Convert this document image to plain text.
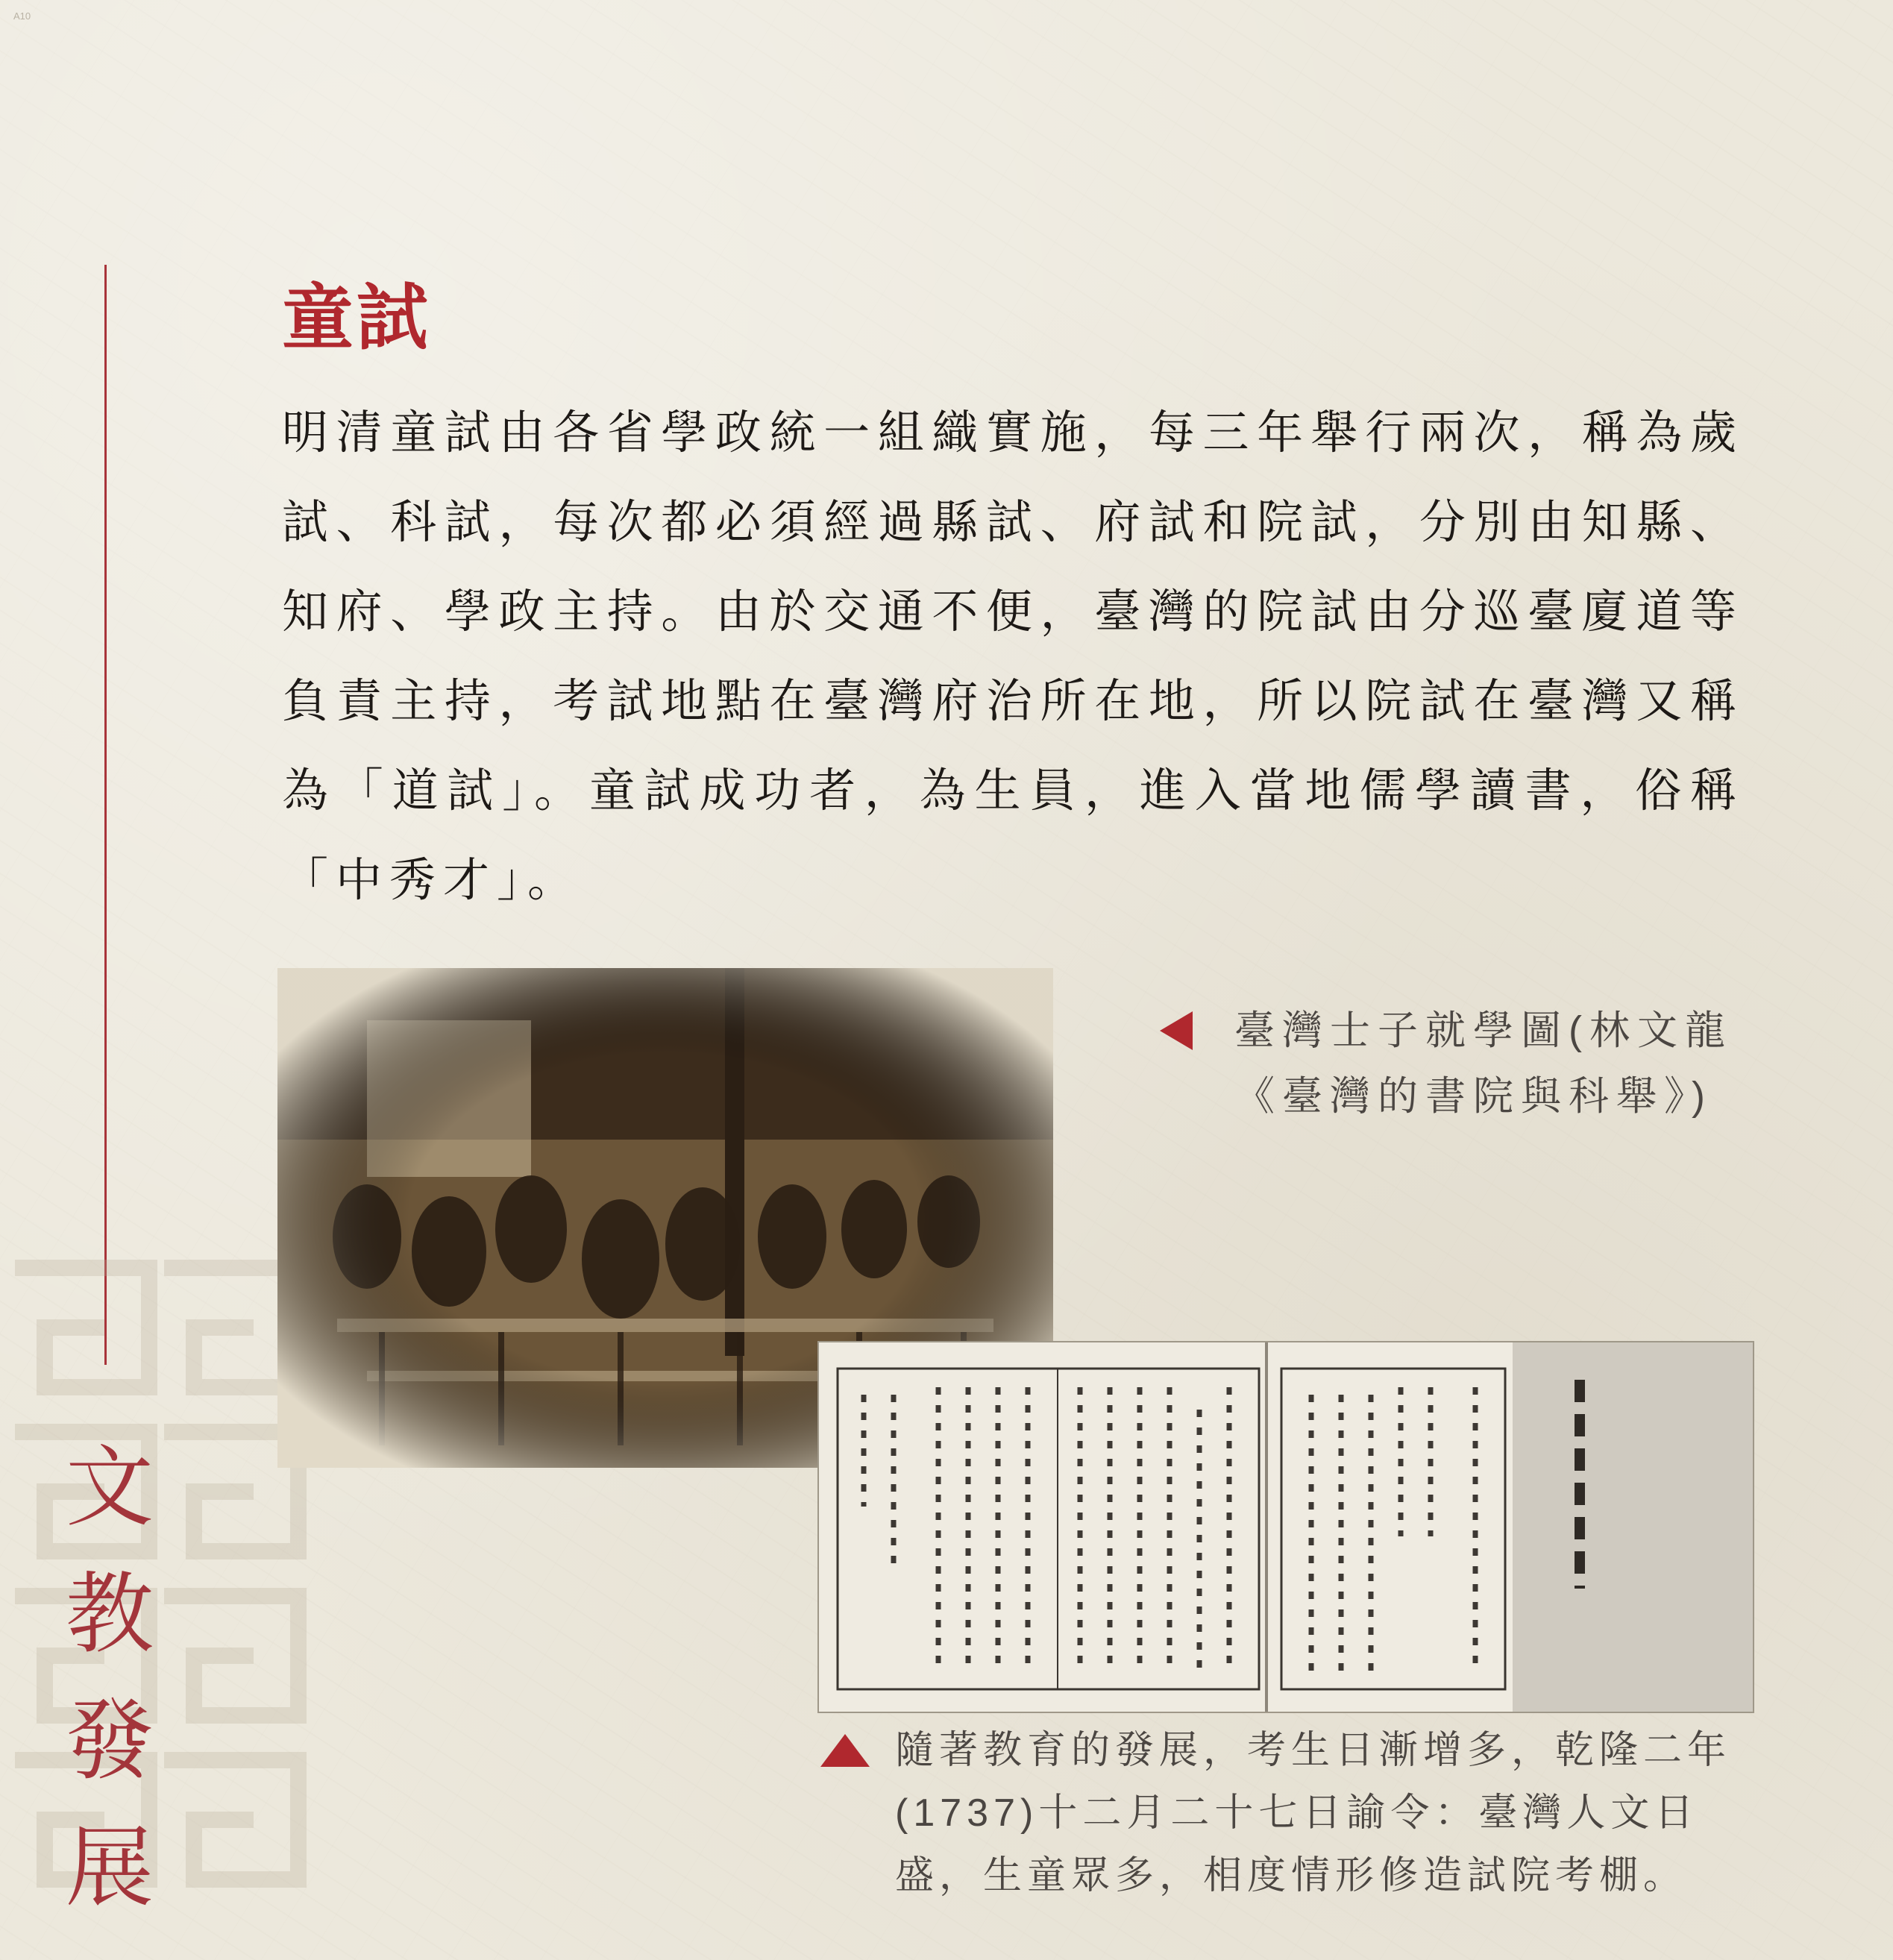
A10
文
教
發
展
童試

明清童試由各省學政統一組織實施，每三年舉行兩次，稱為歲試、科試，每次都必須經過縣試、府試和院試，分別由知縣、知府、學政主持。由於交通不便，臺灣的院試由分巡臺廈道等負責主持，考試地點在臺灣府治所在地，所以院試在臺灣又稱為「道試」。童試成功者，為生員，進入當地儒學讀書，俗稱「中秀才」。

臺灣士子就學圖(林文龍《臺灣的書院與科舉》)
隨著教育的發展，考生日漸增多，乾隆二年(1737)十二月二十七日諭令：臺灣人文日盛，生童眾多，相度情形修造試院考棚。
